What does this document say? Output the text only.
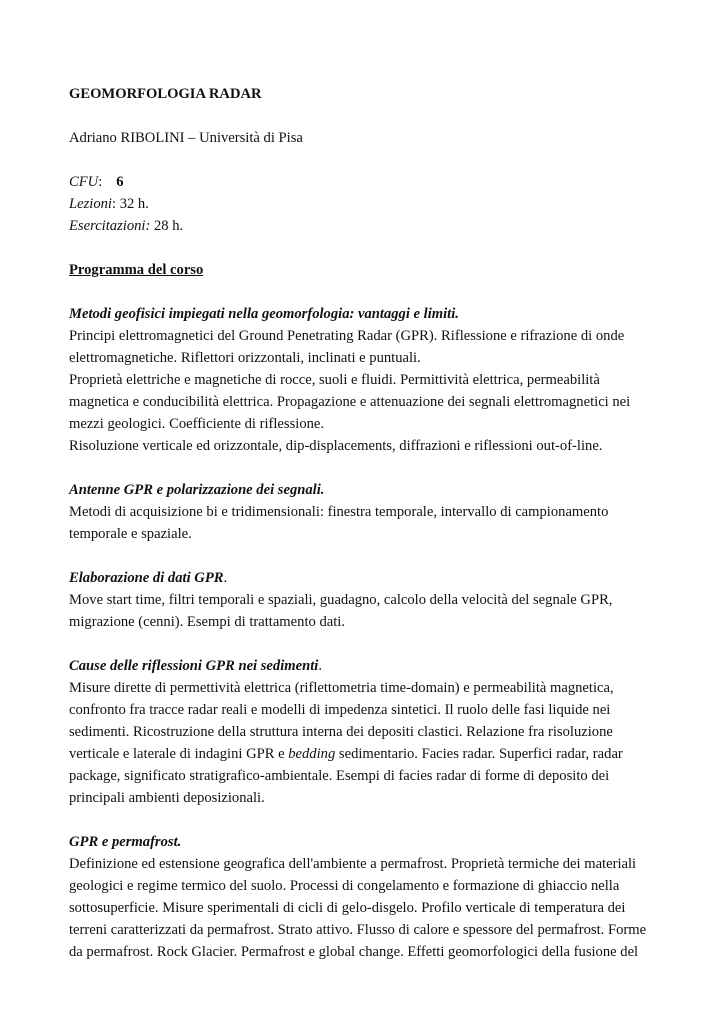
GEOMORFOLOGIA RADAR

Adriano RIBOLINI – Università di Pisa

CFU: 6

Lezioni: 32 h.

Esercitazioni: 28 h.

Programma del corso

Metodi geofisici impiegati nella geomorfologia: vantaggi e limiti.

Principi elettromagnetici del Ground Penetrating Radar (GPR). Riflessione e rifrazione di onde elettromagnetiche. Riflettori orizzontali, inclinati e puntuali.

Proprietà elettriche e magnetiche di rocce, suoli e fluidi. Permittività elettrica, permeabilità magnetica e conducibilità elettrica. Propagazione e attenuazione dei segnali elettromagnetici nei mezzi geologici. Coefficiente di riflessione.

Risoluzione verticale ed orizzontale, dip-displacements, diffrazioni e riflessioni out-of-line.

Antenne GPR e polarizzazione dei segnali.

Metodi di acquisizione bi e tridimensionali: finestra temporale, intervallo di campionamento temporale e spaziale.

Elaborazione di dati GPR.

Move start time, filtri temporali e spaziali, guadagno, calcolo della velocità del segnale GPR, migrazione (cenni). Esempi di trattamento dati.

Cause delle riflessioni GPR nei sedimenti.

Misure dirette di permettività elettrica (riflettometria time-domain) e permeabilità magnetica, confronto fra tracce radar reali e modelli di impedenza sintetici. Il ruolo delle fasi liquide nei sedimenti. Ricostruzione della struttura interna dei depositi clastici. Relazione fra risoluzione verticale e laterale di indagini GPR e bedding sedimentario. Facies radar. Superfici radar, radar package, significato stratigrafico-ambientale. Esempi di facies radar di forme di deposito dei principali ambienti deposizionali.

GPR e permafrost.

Definizione ed estensione geografica dell'ambiente a permafrost. Proprietà termiche dei materiali geologici e regime termico del suolo. Processi di congelamento e formazione di ghiaccio nella sottosuperficie. Misure sperimentali di cicli di gelo-disgelo. Profilo verticale di temperatura dei terreni caratterizzati da permafrost. Strato attivo. Flusso di calore e spessore del permafrost. Forme da permafrost. Rock Glacier. Permafrost e global change. Effetti geomorfologici della fusione del
